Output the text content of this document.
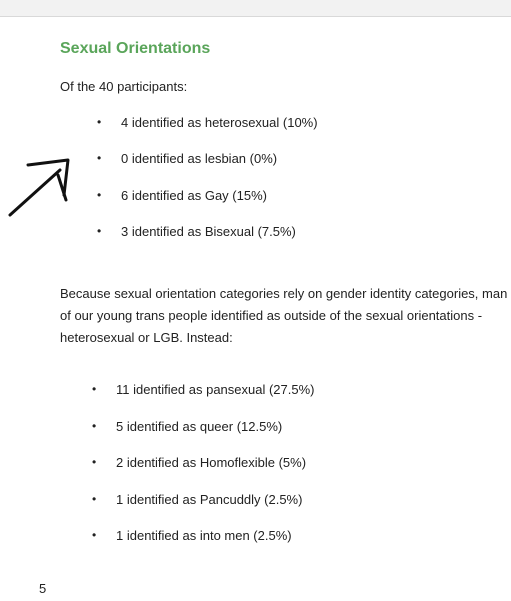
Sexual Orientations
Of the 40 participants:
• 4 identified as heterosexual (10%)
• 0 identified as lesbian (0%)
• 6 identified as Gay (15%)
• 3 identified as Bisexual (7.5%)
Because sexual orientation categories rely on gender identity categories, man
of our young trans people identified as outside of the sexual orientations -
heterosexual or LGB. Instead:
• 11 identified as pansexual (27.5%)
• 5 identified as queer (12.5%)
• 2 identified as Homoflexible (5%)
• 1 identified as Pancuddly (2.5%)
• 1 identified as into men (2.5%)
5
